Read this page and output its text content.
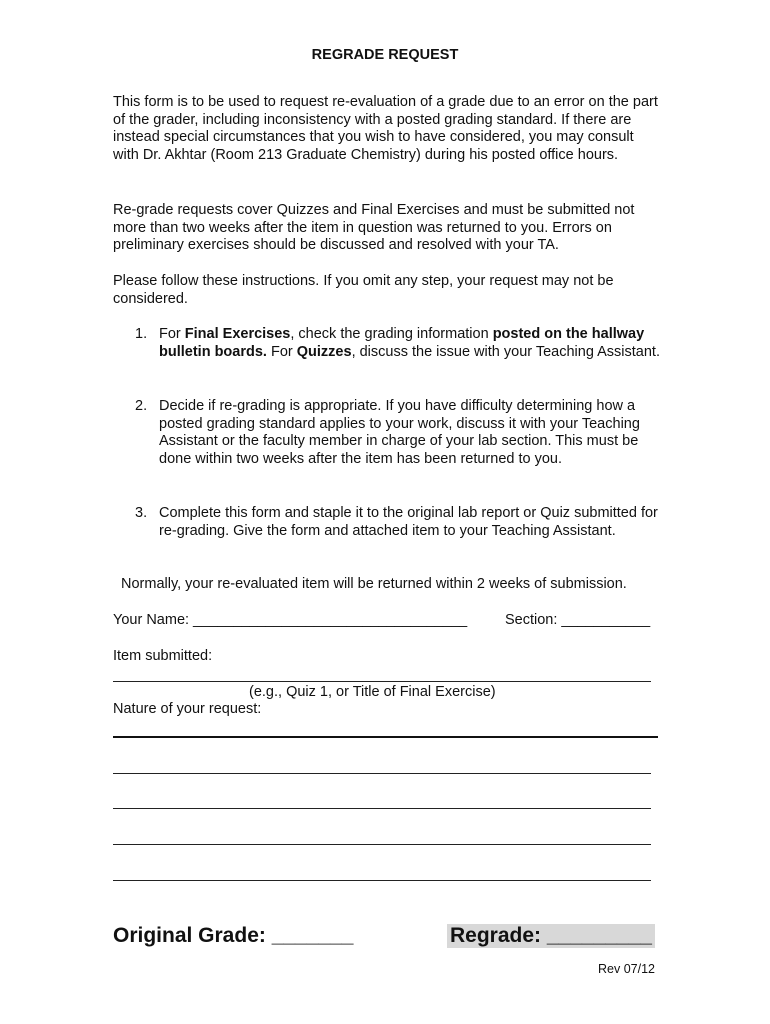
REGRADE REQUEST
This form is to be used to request re-evaluation of a grade due to an error on the part of the grader, including inconsistency with a posted grading standard. If there are instead special circumstances that you wish to have considered, you may consult with Dr. Akhtar (Room 213 Graduate Chemistry) during his posted office hours.
Re-grade requests cover Quizzes and Final Exercises and must be submitted not more than two weeks after the item in question was returned to you. Errors on preliminary exercises should be discussed and resolved with your TA.
Please follow these instructions. If you omit any step, your request may not be considered.
1. For Final Exercises, check the grading information posted on the hallway bulletin boards. For Quizzes, discuss the issue with your Teaching Assistant.
2. Decide if re-grading is appropriate. If you have difficulty determining how a posted grading standard applies to your work, discuss it with your Teaching Assistant or the faculty member in charge of your lab section. This must be done within two weeks after the item has been returned to you.
3. Complete this form and staple it to the original lab report or Quiz submitted for re-grading. Give the form and attached item to your Teaching Assistant.
Normally, your re-evaluated item will be returned within 2 weeks of submission.
Your Name: __________________________________	Section: ___________
Item submitted:
(e.g., Quiz 1, or Title of Final Exercise)
Nature of your request:
Original Grade: _______	Regrade: _________
Rev 07/12
